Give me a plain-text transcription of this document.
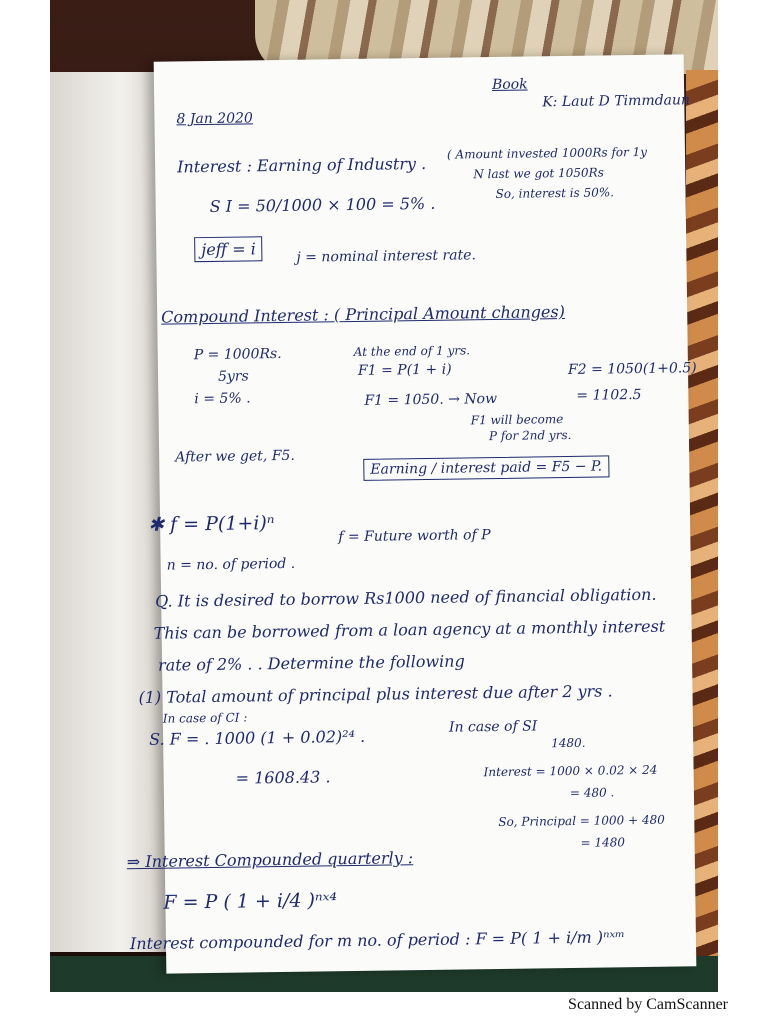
Book
K: Laut D Timmdaun
8 Jan 2020
Interest : Earning of Industry .
( Amount invested 1000Rs for 1y
N last we got 1050Rs
So, interest is 50%.
S I = 50/1000 × 100 = 5% .
jeff = i	j = nominal interest rate.
Compound Interest : ( Principal Amount changes)
P = 1000Rs.
5yrs
i = 5% .
At the end of 1 yrs.
F1 = P(1 + i)
F1 = 1050. → Now
F1 will become
P for 2nd yrs.
F2 = 1050(1+0.5)
= 1102.5
After we get, F5.
Earning / interest paid = F5 − P.
✱ f = P(1+i)ⁿ
f = Future worth of P
n = no. of period .
Q. It is desired to borrow Rs1000 need of financial obligation.
This can be borrowed from a loan agency at a monthly interest
rate of 2% . . Determine the following
(1) Total amount of principal plus interest due after 2 yrs .
In case of CI :
S. F = . 1000 (1 + 0.02)²⁴ .
= 1608.43 .
In case of SI
1480.
Interest = 1000 × 0.02 × 24
= 480 .
So, Principal = 1000 + 480
= 1480
⇒ Interest Compounded quarterly :
F = P ( 1 + i/4 )ⁿˣ⁴
Interest compounded for m no. of period : F = P( 1 + i/m )ⁿˣᵐ
Scanned by CamScanner
